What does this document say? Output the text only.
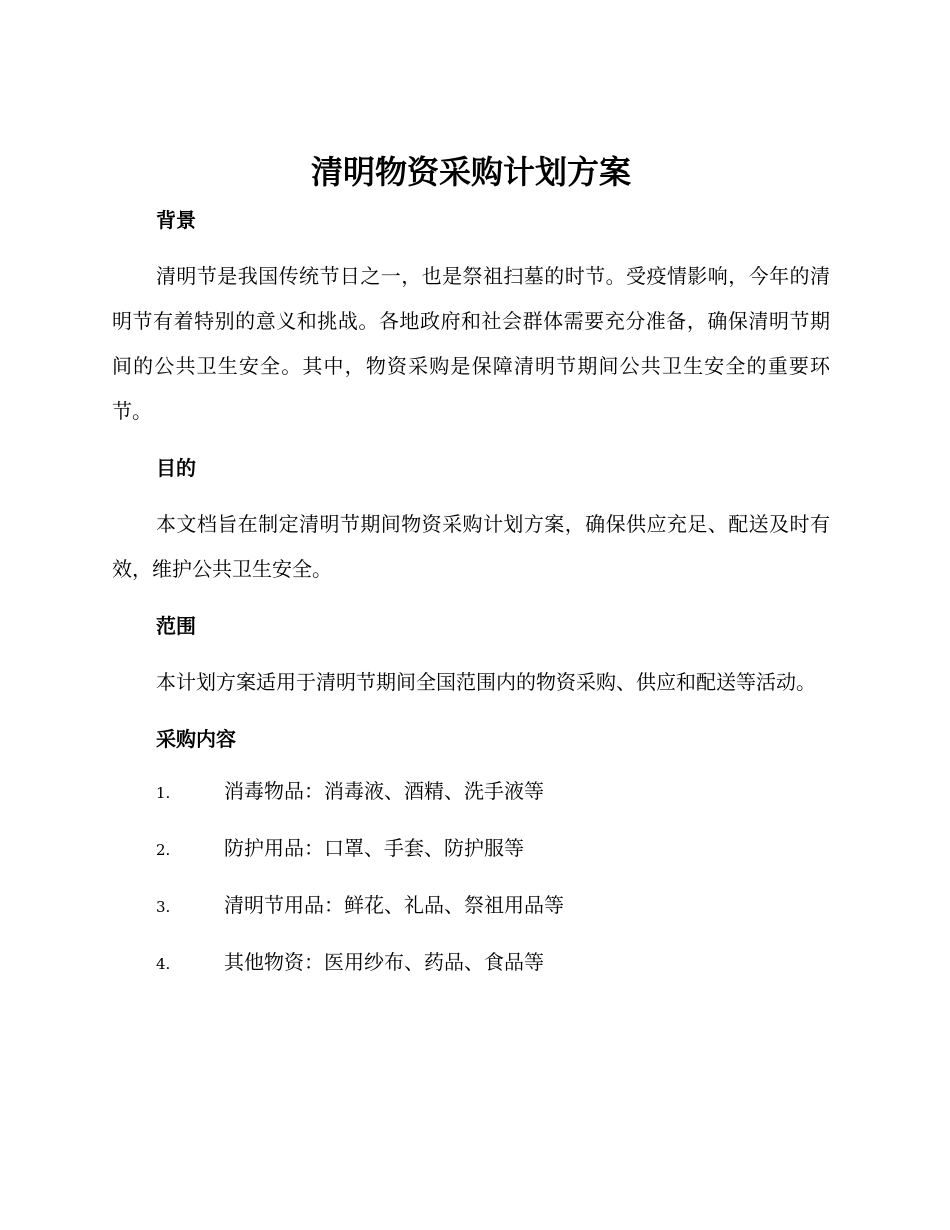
清明物资采购计划方案
背景

清明节是我国传统节日之一，也是祭祖扫墓的时节。受疫情影响，今年的清明节有着特别的意义和挑战。各地政府和社会群体需要充分准备，确保清明节期间的公共卫生安全。其中，物资采购是保障清明节期间公共卫生安全的重要环节。

目的

本文档旨在制定清明节期间物资采购计划方案，确保供应充足、配送及时有效，维护公共卫生安全。

范围

本计划方案适用于清明节期间全国范围内的物资采购、供应和配送等活动。

采购内容
1.	消毒物品：消毒液、酒精、洗手液等
2.	防护用品：口罩、手套、防护服等
3.	清明节用品：鲜花、礼品、祭祖用品等
4.	其他物资：医用纱布、药品、食品等
